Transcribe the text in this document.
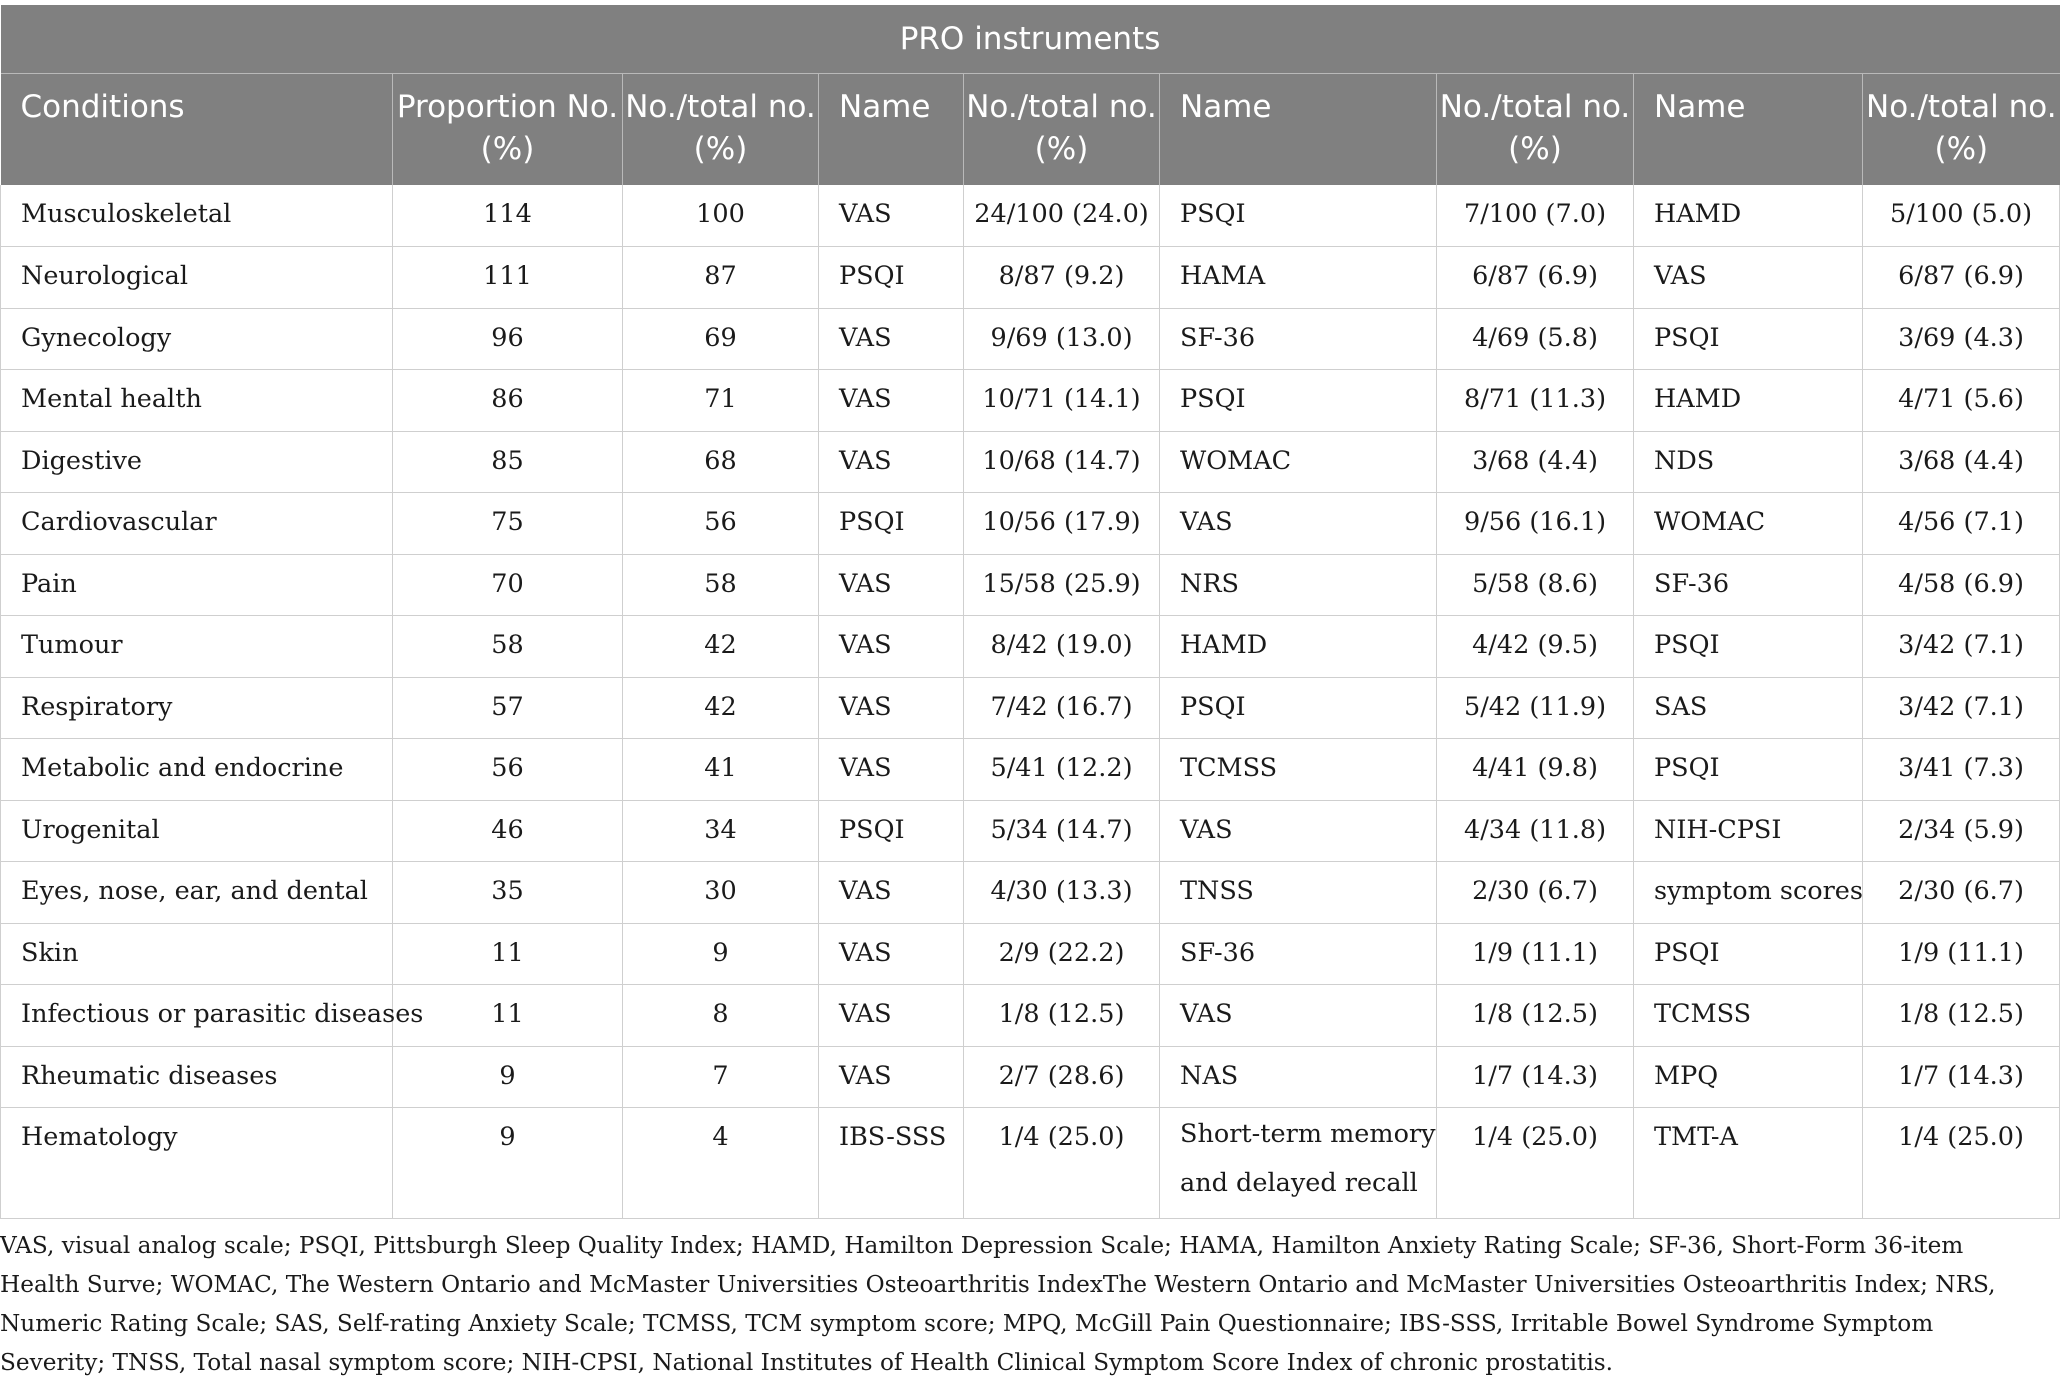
PRO instruments								
Conditions	Proportion No. (%)	No./total no. (%)	Name	No./total no. (%)	Name	No./total no. (%)	Name	No./total no. (%)
Musculoskeletal	114	100	VAS	24/100 (24.0)	PSQI	7/100 (7.0)	HAMD	5/100 (5.0)
Neurological	111	87	PSQI	8/87 (9.2)	HAMA	6/87 (6.9)	VAS	6/87 (6.9)
Gynecology	96	69	VAS	9/69 (13.0)	SF-36	4/69 (5.8)	PSQI	3/69 (4.3)
Mental health	86	71	VAS	10/71 (14.1)	PSQI	8/71 (11.3)	HAMD	4/71 (5.6)
Digestive	85	68	VAS	10/68 (14.7)	WOMAC	3/68 (4.4)	NDS	3/68 (4.4)
Cardiovascular	75	56	PSQI	10/56 (17.9)	VAS	9/56 (16.1)	WOMAC	4/56 (7.1)
Pain	70	58	VAS	15/58 (25.9)	NRS	5/58 (8.6)	SF-36	4/58 (6.9)
Tumour	58	42	VAS	8/42 (19.0)	HAMD	4/42 (9.5)	PSQI	3/42 (7.1)
Respiratory	57	42	VAS	7/42 (16.7)	PSQI	5/42 (11.9)	SAS	3/42 (7.1)
Metabolic and endocrine	56	41	VAS	5/41 (12.2)	TCMSS	4/41 (9.8)	PSQI	3/41 (7.3)
Urogenital	46	34	PSQI	5/34 (14.7)	VAS	4/34 (11.8)	NIH-CPSI	2/34 (5.9)
Eyes, nose, ear, and dental	35	30	VAS	4/30 (13.3)	TNSS	2/30 (6.7)	symptom scores	2/30 (6.7)
Skin	11	9	VAS	2/9 (22.2)	SF-36	1/9 (11.1)	PSQI	1/9 (11.1)
Infectious or parasitic diseases	11	8	VAS	1/8 (12.5)	VAS	1/8 (12.5)	TCMSS	1/8 (12.5)
Rheumatic diseases	9	7	VAS	2/7 (28.6)	NAS	1/7 (14.3)	MPQ	1/7 (14.3)
Hematology	9	4	IBS-SSS	1/4 (25.0)	Short-term memory and delayed recall	1/4 (25.0)	TMT-A	1/4 (25.0)

VAS, visual analog scale; PSQI, Pittsburgh Sleep Quality Index; HAMD, Hamilton Depression Scale; HAMA, Hamilton Anxiety Rating Scale; SF-36, Short-Form 36-item Health Surve; WOMAC, The Western Ontario and McMaster Universities Osteoarthritis IndexThe Western Ontario and McMaster Universities Osteoarthritis Index; NRS, Numeric Rating Scale; SAS, Self-rating Anxiety Scale; TCMSS, TCM symptom score; MPQ, McGill Pain Questionnaire; IBS-SSS, Irritable Bowel Syndrome Symptom Severity; TNSS, Total nasal symptom score; NIH-CPSI, National Institutes of Health Clinical Symptom Score Index of chronic prostatitis.
